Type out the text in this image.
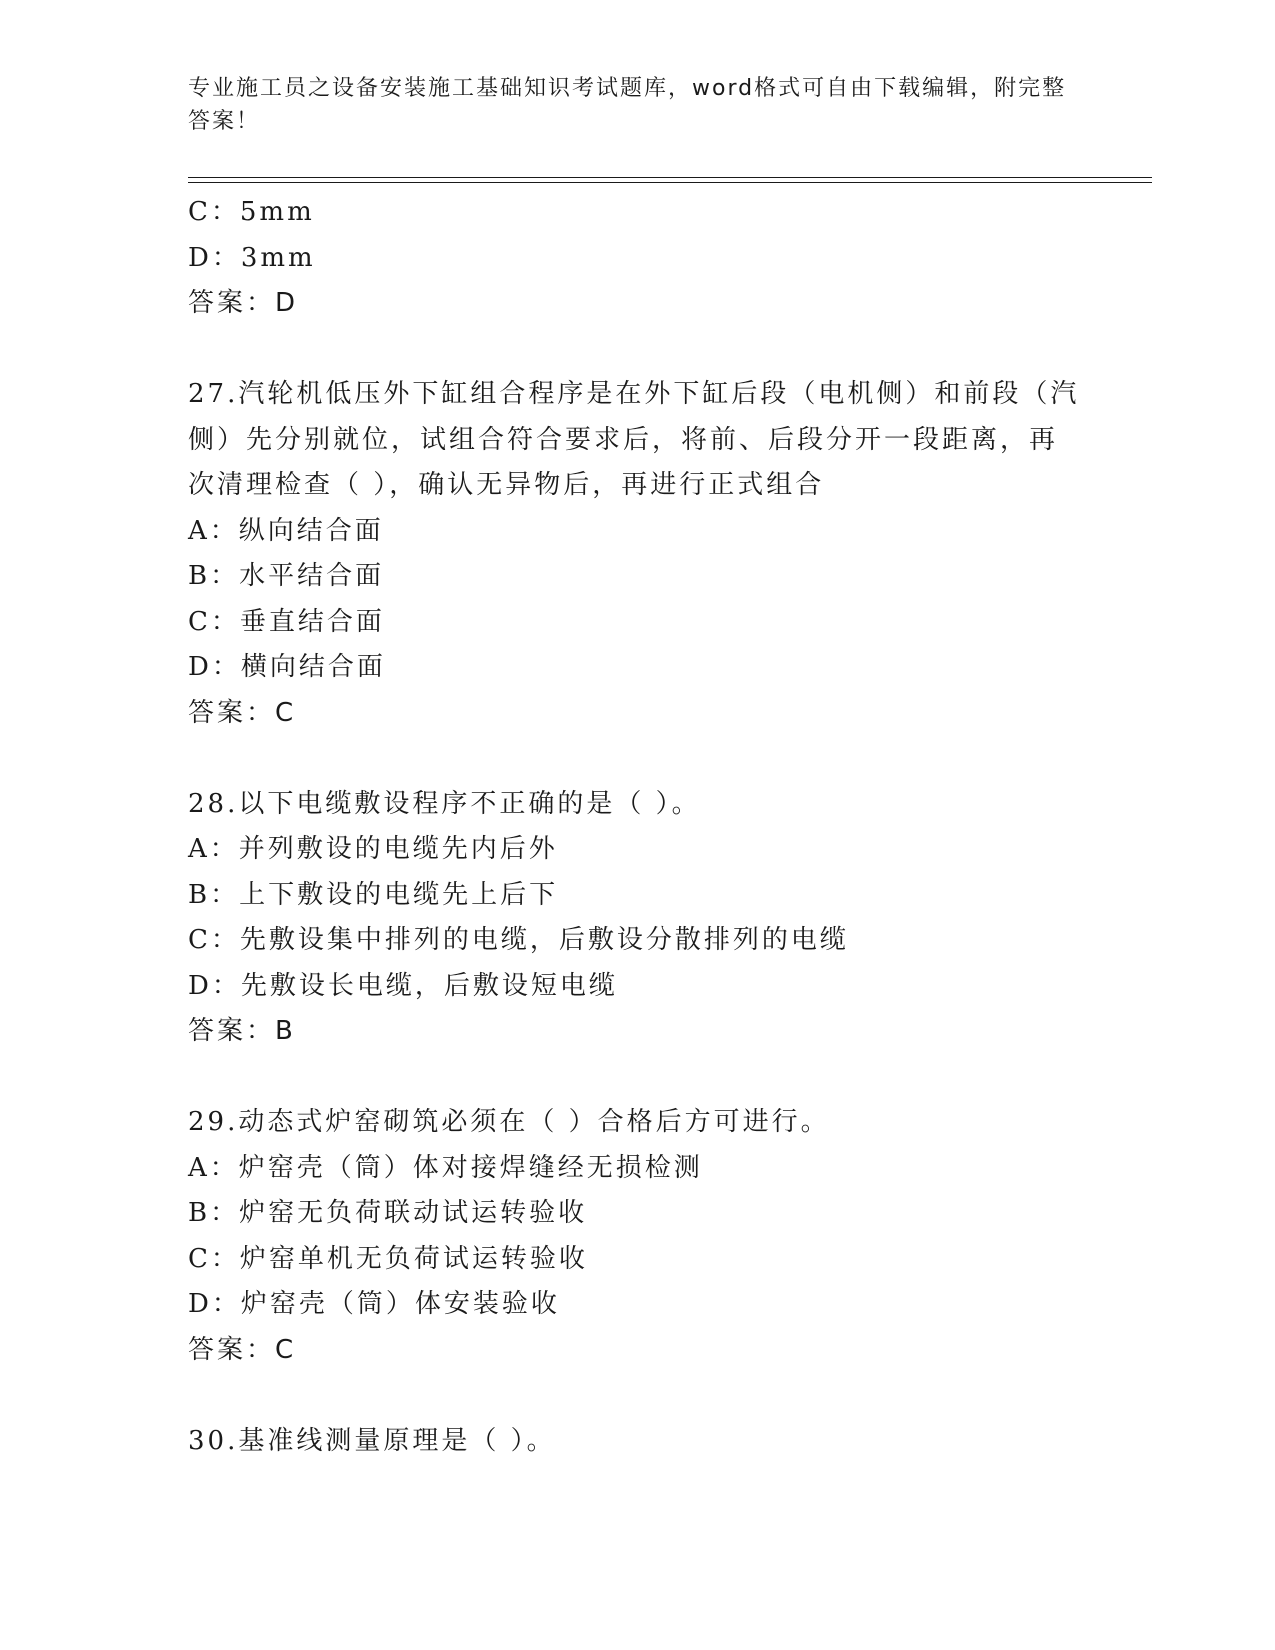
专业施工员之设备安装施工基础知识考试题库，word格式可自由下载编辑，附完整答案！
C：5mm
D：3mm
答案：D
27.汽轮机低压外下缸组合程序是在外下缸后段（电机侧）和前段（汽
侧）先分别就位，试组合符合要求后，将前、后段分开一段距离，再
次清理检查（ ），确认无异物后，再进行正式组合
A：纵向结合面
B：水平结合面
C：垂直结合面
D：横向结合面
答案：C
28.以下电缆敷设程序不正确的是（ ）。
A：并列敷设的电缆先内后外
B：上下敷设的电缆先上后下
C：先敷设集中排列的电缆，后敷设分散排列的电缆
D：先敷设长电缆，后敷设短电缆
答案：B
29.动态式炉窑砌筑必须在（ ）合格后方可进行。
A：炉窑壳（筒）体对接焊缝经无损检测
B：炉窑无负荷联动试运转验收
C：炉窑单机无负荷试运转验收
D：炉窑壳（筒）体安装验收
答案：C
30.基准线测量原理是（ ）。
